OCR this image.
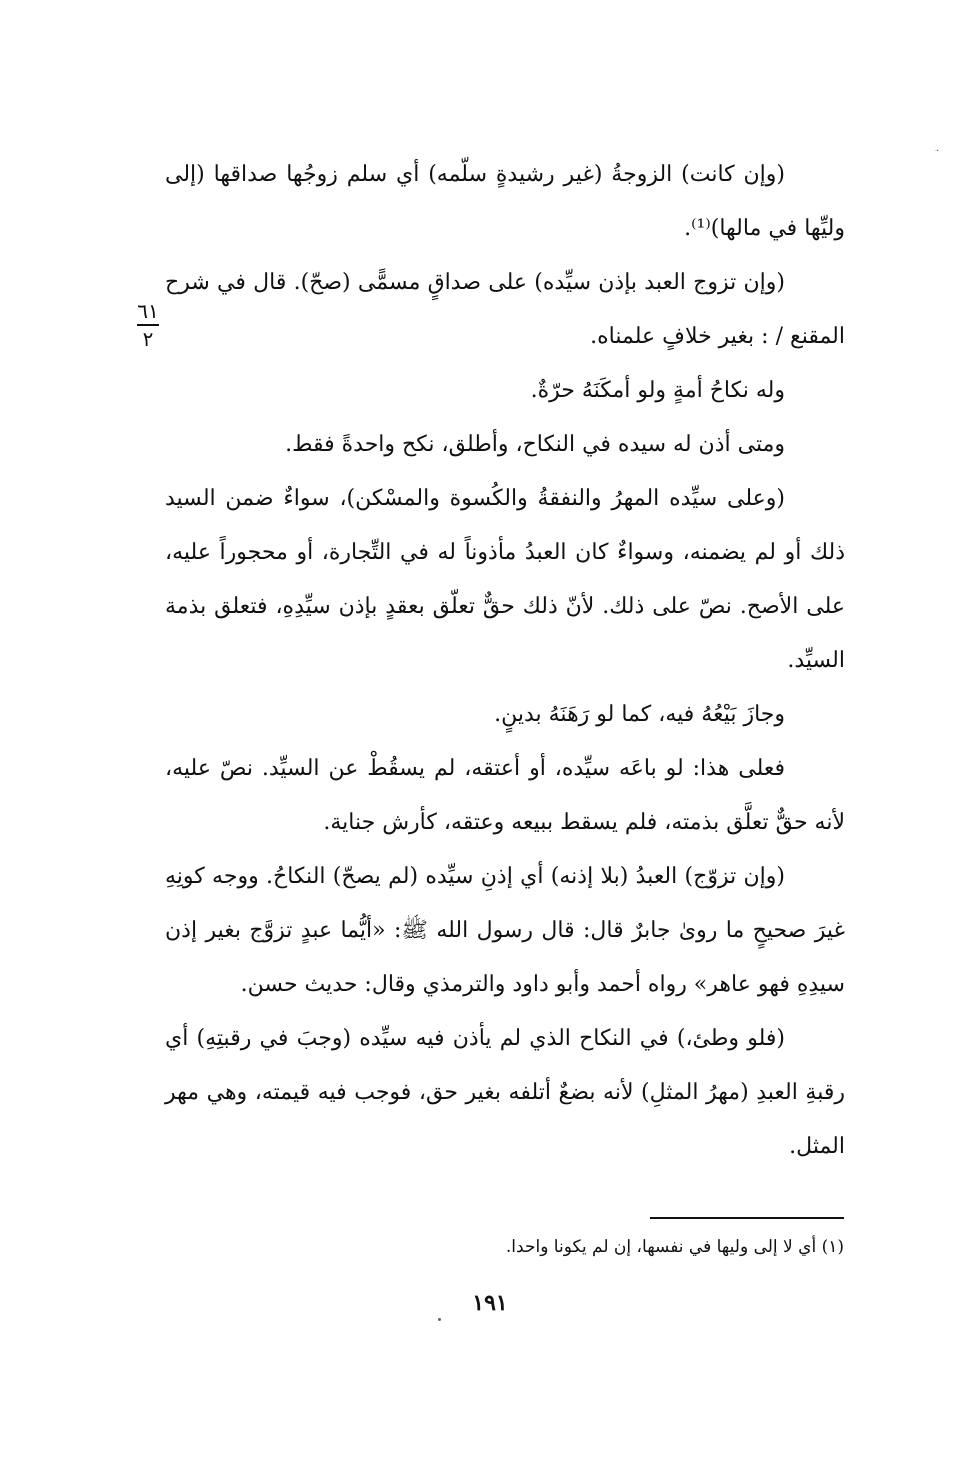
·ּ
٦١
٢

(وإن كانت) الزوجةُ (غير رشيدةٍ سلّمه) أي سلم زوجُها صداقها (إلى وليِّها في مالها)⁽¹⁾.

(وإن تزوج العبد بإذن سيِّده) على صداقٍ مسمًّى (صحّ). قال في شرح المقنع / : بغير خلافٍ علمناه.

وله نكاحُ أمةٍ ولو أمكَنَهُ حرّةٌ.

ومتى أذن له سيده في النكاح، وأطلق، نكح واحدةً فقط.

(وعلى سيِّده المهرُ والنفقةُ والكُسوة والمسْكن)، سواءٌ ضمن السيد ذلك أو لم يضمنه، وسواءٌ كان العبدُ مأذوناً له في التِّجارة، أو محجوراً عليه، على الأصح. نصّ على ذلك. لأنّ ذلك حقٌّ تعلّق بعقدٍ بإذن سيِّدِهِ، فتعلق بذمة السيِّد.

وجازَ بَيْعُهُ فيه، كما لو رَهَنَهُ بدينٍ.

فعلى هذا: لو باعَه سيِّده، أو أعتقه، لم يسقُطْ عن السيِّد. نصّ عليه، لأنه حقٌّ تعلَّق بذمته، فلم يسقط ببيعه وعتقه، كأرش جناية.

(وإن تزوّج) العبدُ (بلا إذنه) أي إذنِ سيِّده (لم يصحّ) النكاحُ. ووجه كونِهِ غيرَ صحيحٍ ما روىٰ جابرٌ قال: قال رسول الله ﷺ: «أيُّما عبدٍ تزوَّج بغير إذن سيدِهِ فهو عاهر» رواه أحمد وأبو داود والترمذي وقال: حديث حسن.

(فلو وطئ،) في النكاح الذي لم يأذن فيه سيِّده (وجبَ في رقبتِهِ) أي رقبةِ العبدِ (مهرُ المثلِ) لأنه بضعٌ أتلفه بغير حق، فوجب فيه قيمته، وهي مهر المثل.

(١) أي لا إلى وليها في نفسها، إن لم يكونا واحدا.
١٩١
